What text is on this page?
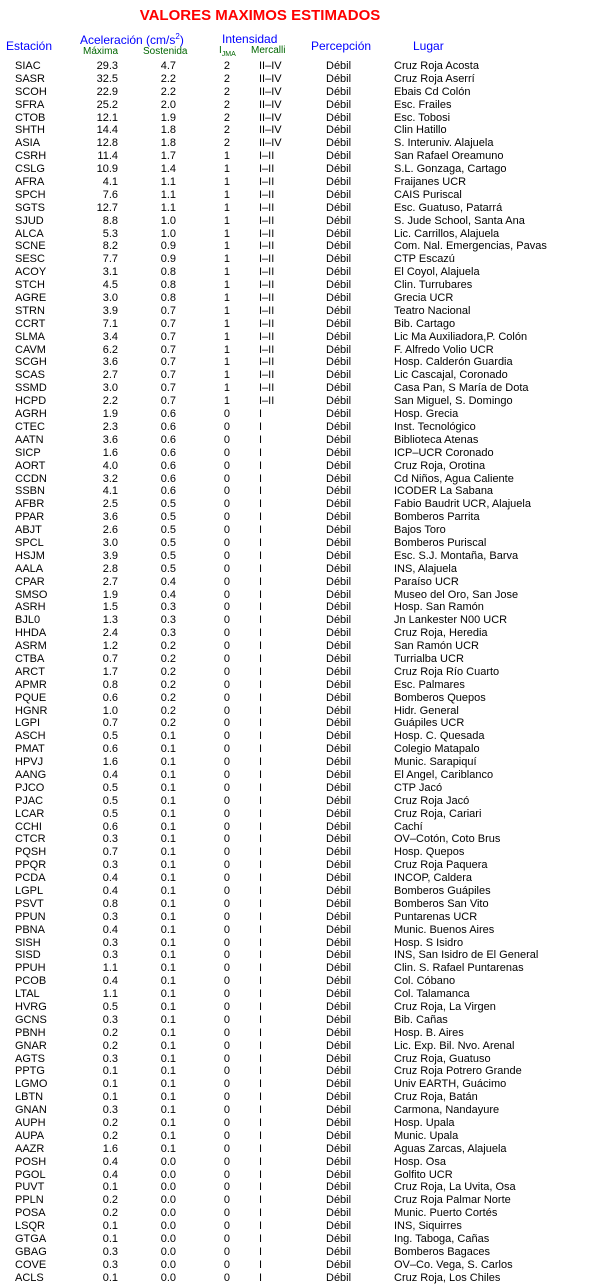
VALORES MAXIMOS ESTIMADOS
Estación Aceleración $(cm/s^2)$
Máxima Sostenida
Intensidad
$I_{JMA}$ Mercalli Percepción	Lugar
SIAC	29.3	4.7	2	II–IV	Débil	Cruz Roja Acosta
SASR	32.5	2.2	2	II–IV	Débil	Cruz Roja Aserrí
SCOH	22.9	2.2	2	II–IV	Débil	Ebais Cd Colón
SFRA	25.2	2.0	2	II–IV	Débil	Esc. Frailes
CTOB	12.1	1.9	2	II–IV	Débil	Esc. Tobosi
SHTH	14.4	1.8	2	II–IV	Débil	Clin Hatillo
ASIA	12.8	1.8	2	II–IV	Débil	S. Interuniv. Alajuela
CSRH	11.4	1.7	1	I–II	Débil	San Rafael Oreamuno
CSLG	10.9	1.4	1	I–II	Débil	S.L. Gonzaga, Cartago
AFRA	4.1	1.1	1	I–II	Débil	Fraijanes UCR
SPCH	7.6	1.1	1	I–II	Débil	CAIS Puriscal
SGTS	12.7	1.1	1	I–II	Débil	Esc. Guatuso, Patarrá
SJUD	8.8	1.0	1	I–II	Débil	S. Jude School, Santa Ana
ALCA	5.3	1.0	1	I–II	Débil	Lic. Carrillos, Alajuela
SCNE	8.2	0.9	1	I–II	Débil	Com. Nal. Emergencias, Pavas
SESC	7.7	0.9	1	I–II	Débil	CTP Escazú
ACOY	3.1	0.8	1	I–II	Débil	El Coyol, Alajuela
STCH	4.5	0.8	1	I–II	Débil	Clin. Turrubares
AGRE	3.0	0.8	1	I–II	Débil	Grecia UCR
STRN	3.9	0.7	1	I–II	Débil	Teatro Nacional
CCRT	7.1	0.7	1	I–II	Débil	Bib. Cartago
SLMA	3.4	0.7	1	I–II	Débil	Lic Ma Auxiliadora,P. Colón
CAVM	6.2	0.7	1	I–II	Débil	F. Alfredo Volio UCR
SCGH	3.6	0.7	1	I–II	Débil	Hosp. Calderón Guardia
SCAS	2.7	0.7	1	I–II	Débil	Lic Cascajal, Coronado
SSMD	3.0	0.7	1	I–II	Débil	Casa Pan, S María de Dota
HCPD	2.2	0.7	1	I–II	Débil	San Miguel, S. Domingo
AGRH	1.9	0.6	0	I	Débil	Hosp. Grecia
CTEC	2.3	0.6	0	I	Débil	Inst. Tecnológico
AATN	3.6	0.6	0	I	Débil	Biblioteca Atenas
SICP	1.6	0.6	0	I	Débil	ICP–UCR Coronado
AORT	4.0	0.6	0	I	Débil	Cruz Roja, Orotina
CCDN	3.2	0.6	0	I	Débil	Cd Niños, Agua Caliente
SSBN	4.1	0.6	0	I	Débil	ICODER La Sabana
AFBR	2.5	0.5	0	I	Débil	Fabio Baudrit UCR, Alajuela
PPAR	3.6	0.5	0	I	Débil	Bomberos Parrita
ABJT	2.6	0.5	0	I	Débil	Bajos Toro
SPCL	3.0	0.5	0	I	Débil	Bomberos Puriscal
HSJM	3.9	0.5	0	I	Débil	Esc. S.J. Montaña, Barva
AALA	2.8	0.5	0	I	Débil	INS, Alajuela
CPAR	2.7	0.4	0	I	Débil	Paraíso UCR
SMSO	1.9	0.4	0	I	Débil	Museo del Oro, San Jose
ASRH	1.5	0.3	0	I	Débil	Hosp. San Ramón
BJL0	1.3	0.3	0	I	Débil	Jn Lankester N00 UCR
HHDA	2.4	0.3	0	I	Débil	Cruz Roja, Heredia
ASRM	1.2	0.2	0	I	Débil	San Ramón UCR
CTBA	0.7	0.2	0	I	Débil	Turrialba UCR
ARCT	1.7	0.2	0	I	Débil	Cruz Roja Río Cuarto
APMR	0.8	0.2	0	I	Débil	Esc. Palmares
PQUE	0.6	0.2	0	I	Débil	Bomberos Quepos
HGNR	1.0	0.2	0	I	Débil	Hidr. General
LGPI	0.7	0.2	0	I	Débil	Guápiles UCR
ASCH	0.5	0.1	0	I	Débil	Hosp. C. Quesada
PMAT	0.6	0.1	0	I	Débil	Colegio Matapalo
HPVJ	1.6	0.1	0	I	Débil	Munic. Sarapiquí
AANG	0.4	0.1	0	I	Débil	El Angel, Cariblanco
PJCO	0.5	0.1	0	I	Débil	CTP Jacó
PJAC	0.5	0.1	0	I	Débil	Cruz Roja Jacó
LCAR	0.5	0.1	0	I	Débil	Cruz Roja, Cariari
CCHI	0.6	0.1	0	I	Débil	Cachí
CTCR	0.3	0.1	0	I	Débil	OV–Cotón, Coto Brus
PQSH	0.7	0.1	0	I	Débil	Hosp. Quepos
PPQR	0.3	0.1	0	I	Débil	Cruz Roja Paquera
PCDA	0.4	0.1	0	I	Débil	INCOP, Caldera
LGPL	0.4	0.1	0	I	Débil	Bomberos Guápiles
PSVT	0.8	0.1	0	I	Débil	Bomberos San Vito
PPUN	0.3	0.1	0	I	Débil	Puntarenas UCR
PBNA	0.4	0.1	0	I	Débil	Munic. Buenos Aires
SISH	0.3	0.1	0	I	Débil	Hosp. S Isidro
SISD	0.3	0.1	0	I	Débil	INS, San Isidro de El General
PPUH	1.1	0.1	0	I	Débil	Clin. S. Rafael Puntarenas
PCOB	0.4	0.1	0	I	Débil	Col. Cóbano
LTAL	1.1	0.1	0	I	Débil	Col. Talamanca
HVRG	0.5	0.1	0	I	Débil	Cruz Roja, La Virgen
GCNS	0.3	0.1	0	I	Débil	Bib. Cañas
PBNH	0.2	0.1	0	I	Débil	Hosp. B. Aires
GNAR	0.2	0.1	0	I	Débil	Lic. Exp. Bil. Nvo. Arenal
AGTS	0.3	0.1	0	I	Débil	Cruz Roja, Guatuso
PPTG	0.1	0.1	0	I	Débil	Cruz Roja Potrero Grande
LGMO	0.1	0.1	0	I	Débil	Univ EARTH, Guácimo
LBTN	0.1	0.1	0	I	Débil	Cruz Roja, Batán
GNAN	0.3	0.1	0	I	Débil	Carmona, Nandayure
AUPH	0.2	0.1	0	I	Débil	Hosp. Upala
AUPA	0.2	0.1	0	I	Débil	Munic. Upala
AAZR	1.6	0.1	0	I	Débil	Aguas Zarcas, Alajuela
POSH	0.4	0.0	0	I	Débil	Hosp. Osa
PGOL	0.4	0.0	0	I	Débil	Golfito UCR
PUVT	0.1	0.0	0	I	Débil	Cruz Roja, La Uvita, Osa
PPLN	0.2	0.0	0	I	Débil	Cruz Roja Palmar Norte
POSA	0.2	0.0	0	I	Débil	Munic. Puerto Cortés
LSQR	0.1	0.0	0	I	Débil	INS, Siquirres
GTGA	0.1	0.0	0	I	Débil	Ing. Taboga, Cañas
GBAG	0.3	0.0	0	I	Débil	Bomberos Bagaces
COVE	0.3	0.0	0	I	Débil	OV–Co. Vega, S. Carlos
ACLS	0.1	0.0	0	I	Débil	Cruz Roja, Los Chiles
